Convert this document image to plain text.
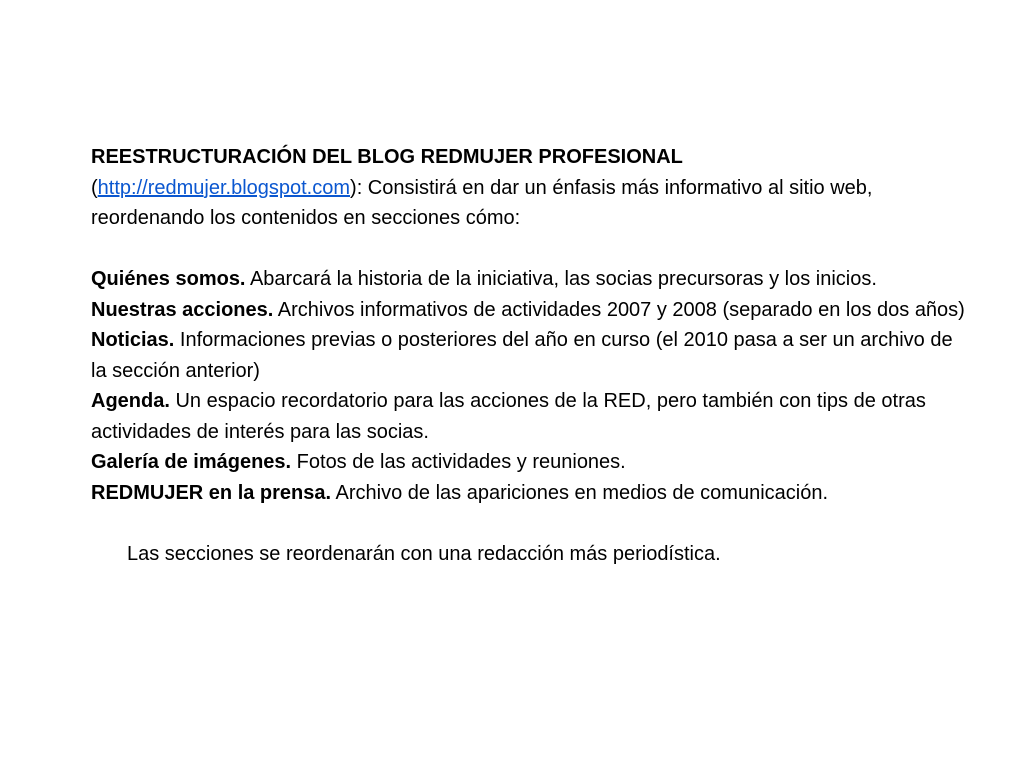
REESTRUCTURACIÓN DEL BLOG REDMUJER PROFESIONAL

(http://redmujer.blogspot.com): Consistirá en dar un énfasis más informativo al sitio web, reordenando los contenidos en secciones cómo:

Quiénes somos. Abarcará la historia de la iniciativa, las socias precursoras y los inicios.

Nuestras acciones. Archivos informativos de actividades 2007 y 2008 (separado en los dos años)

Noticias. Informaciones previas o posteriores del año en curso (el 2010 pasa a ser un archivo de la sección anterior)

Agenda. Un espacio recordatorio para las acciones de la RED, pero también con tips de otras actividades de interés para las socias.

Galería de imágenes. Fotos de las actividades y reuniones.

REDMUJER en la prensa. Archivo de las apariciones en medios de comunicación.

Las secciones se reordenarán con una redacción más periodística.
